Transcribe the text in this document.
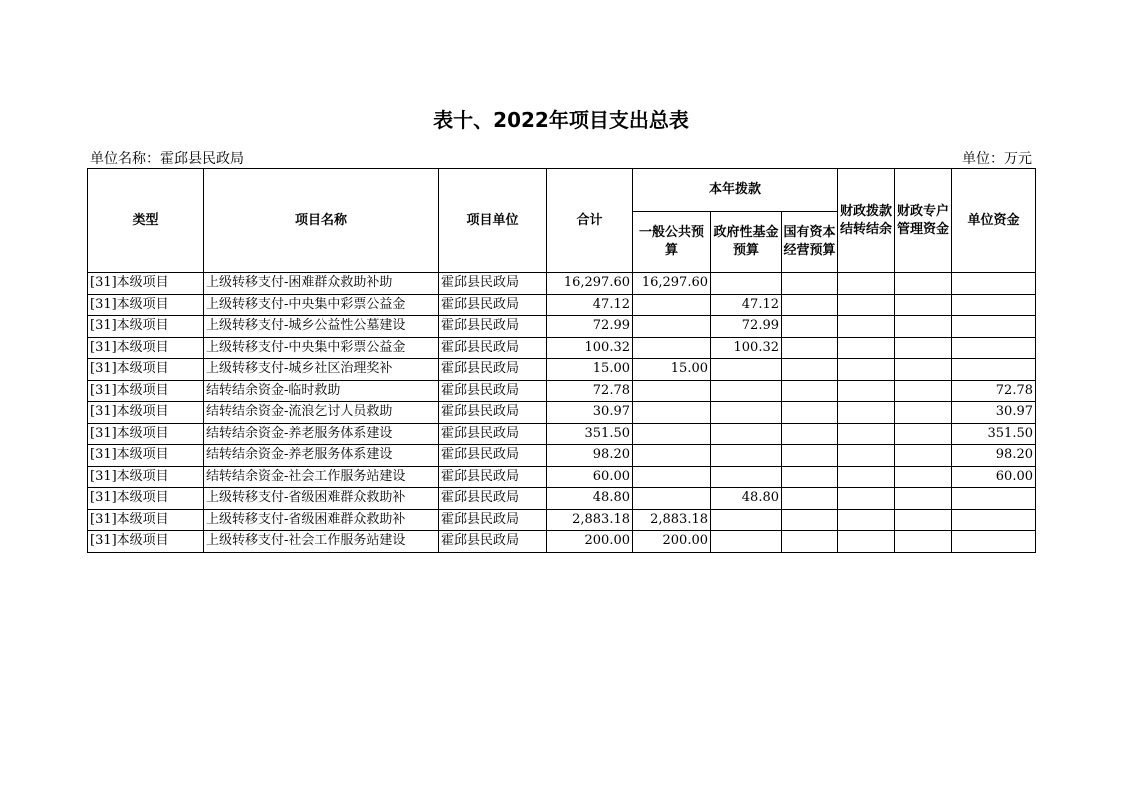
表十、2022年项目支出总表
单位名称：霍邱县民政局	单位：万元
类型	项目名称	项目单位	合计	本年拨款			财政拨款结转结余	财政专户管理资金	单位资金
				一般公共预算	政府性基金预算	国有资本经营预算			
[31]本级项目	上级转移支付-困难群众救助补助	霍邱县民政局	16,297.60	16,297.60					
[31]本级项目	上级转移支付-中央集中彩票公益金	霍邱县民政局	47.12		47.12				
[31]本级项目	上级转移支付-城乡公益性公墓建设	霍邱县民政局	72.99		72.99				
[31]本级项目	上级转移支付-中央集中彩票公益金	霍邱县民政局	100.32		100.32				
[31]本级项目	上级转移支付-城乡社区治理奖补	霍邱县民政局	15.00	15.00					
[31]本级项目	结转结余资金-临时救助	霍邱县民政局	72.78						72.78
[31]本级项目	结转结余资金-流浪乞讨人员救助	霍邱县民政局	30.97						30.97
[31]本级项目	结转结余资金-养老服务体系建设	霍邱县民政局	351.50						351.50
[31]本级项目	结转结余资金-养老服务体系建设	霍邱县民政局	98.20						98.20
[31]本级项目	结转结余资金-社会工作服务站建设	霍邱县民政局	60.00						60.00
[31]本级项目	上级转移支付-省级困难群众救助补	霍邱县民政局	48.80		48.80				
[31]本级项目	上级转移支付-省级困难群众救助补	霍邱县民政局	2,883.18	2,883.18					
[31]本级项目	上级转移支付-社会工作服务站建设	霍邱县民政局	200.00	200.00					
